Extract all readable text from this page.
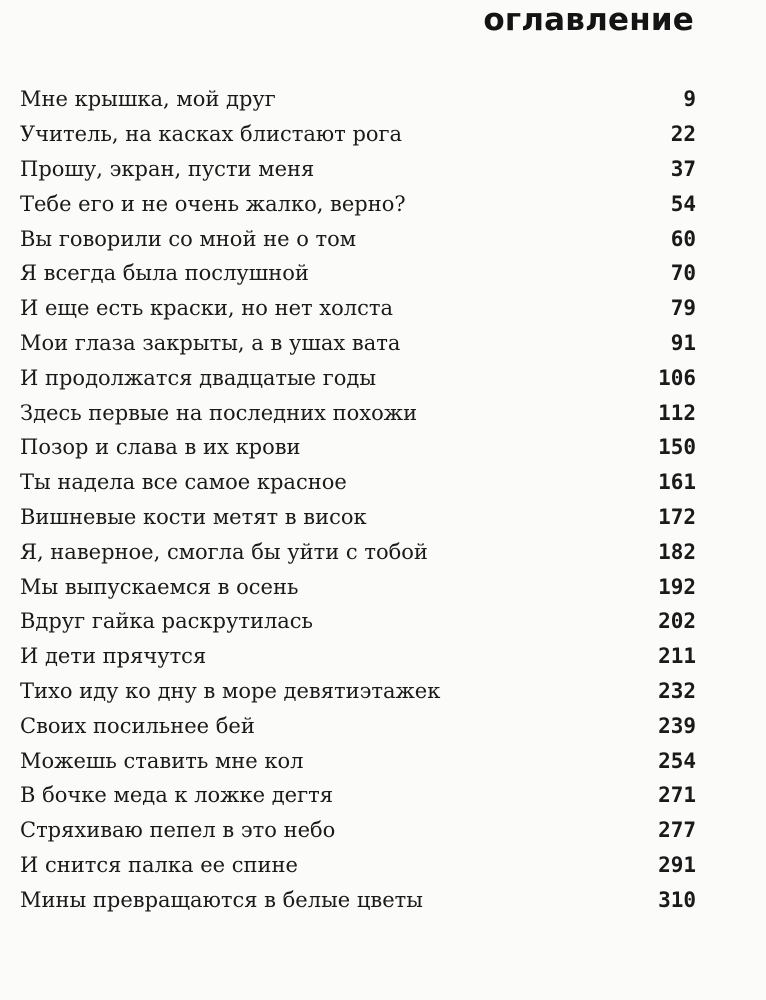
оглавление
Мне крышка, мой друг	9
Учитель, на касках блистают рога	22
Прошу, экран, пусти меня	37
Тебе его и не очень жалко, верно?	54
Вы говорили со мной не о том	60
Я всегда была послушной	70
И еще есть краски, но нет холста	79
Мои глаза закрыты, а в ушах вата	91
И продолжатся двадцатые годы	106
Здесь первые на последних похожи	112
Позор и слава в их крови	150
Ты надела все самое красное	161
Вишневые кости метят в висок	172
Я, наверное, смогла бы уйти с тобой	182
Мы выпускаемся в осень	192
Вдруг гайка раскрутилась	202
И дети прячутся	211
Тихо иду ко дну в море девятиэтажек	232
Своих посильнее бей	239
Можешь ставить мне кол	254
В бочке меда к ложке дегтя	271
Стряхиваю пепел в это небо	277
И снится палка ее спине	291
Мины превращаются в белые цветы	310
